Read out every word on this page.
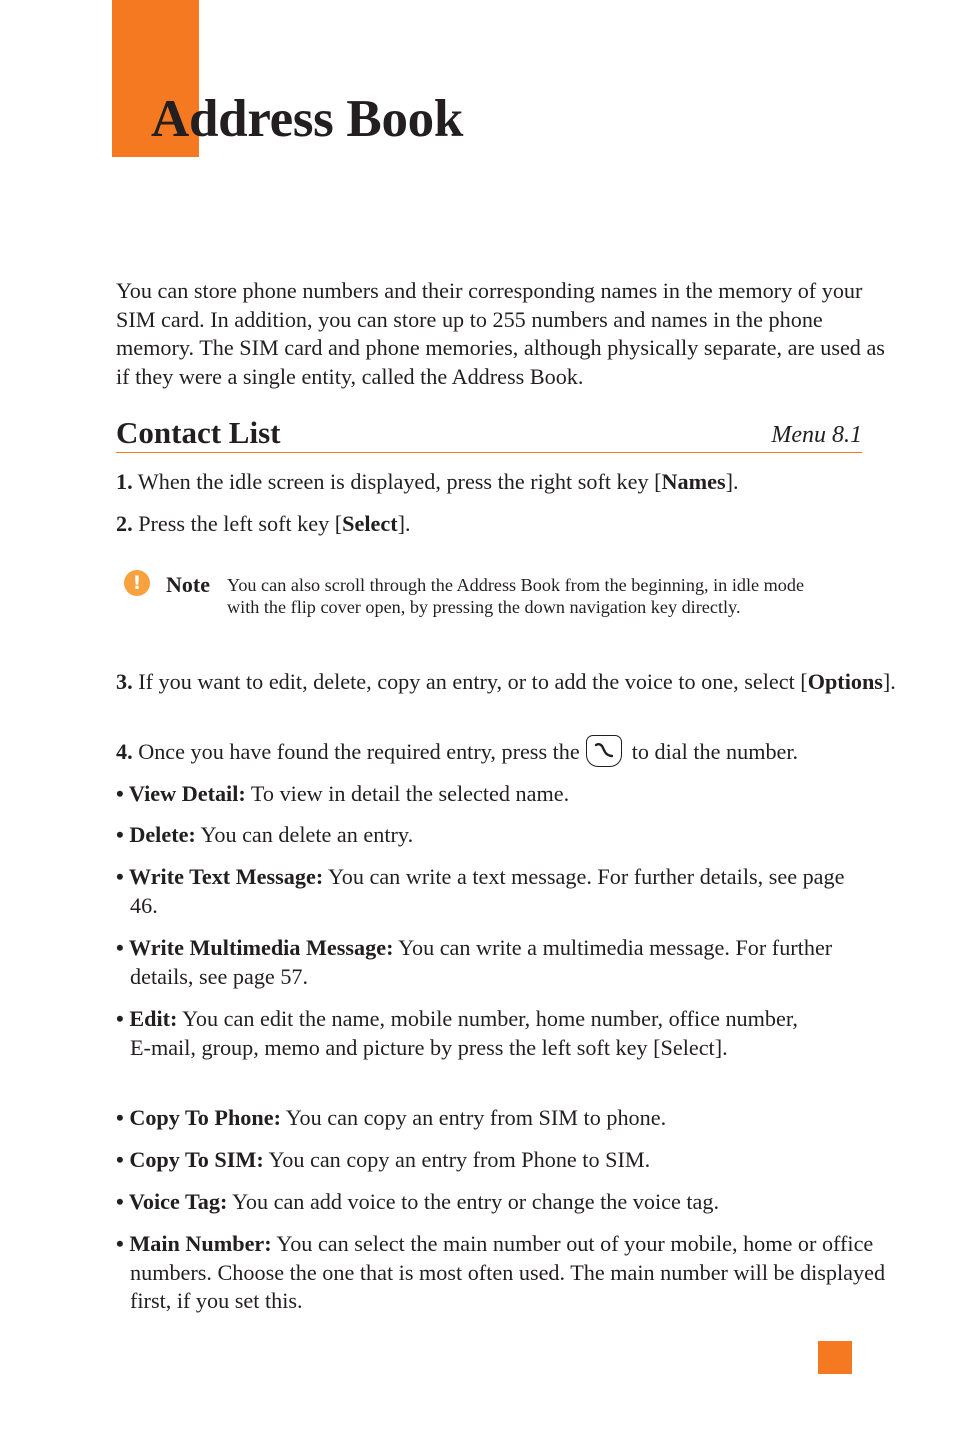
Address Book

You can store phone numbers and their corresponding names in the memory of your SIM card. In addition, you can store up to 255 numbers and names in the phone memory. The SIM card and phone memories, although physically separate, are used as if they were a single entity, called the Address Book.

Contact List	Menu 8.1

1. When the idle screen is displayed, press the right soft key [Names].

2. Press the left soft key [Select].

!	Note You can also scroll through the Address Book from the beginning, in idle mode with the flip cover open, by pressing the down navigation key directly.

3. If you want to edit, delete, copy an entry, or to add the voice to one, select [Options].

4. Once you have found the required entry, press the to dial the number.

• View Detail: To view in detail the selected name.

• Delete: You can delete an entry.

• Write Text Message: You can write a text message. For further details, see page 46.

• Write Multimedia Message: You can write a multimedia message. For further details, see page 57.

• Edit: You can edit the name, mobile number, home number, office number, E-mail, group, memo and picture by press the left soft key [Select].

• Copy To Phone: You can copy an entry from SIM to phone.

• Copy To SIM: You can copy an entry from Phone to SIM.

• Voice Tag: You can add voice to the entry or change the voice tag.

• Main Number: You can select the main number out of your mobile, home or office numbers. Choose the one that is most often used. The main number will be displayed first, if you set this.
